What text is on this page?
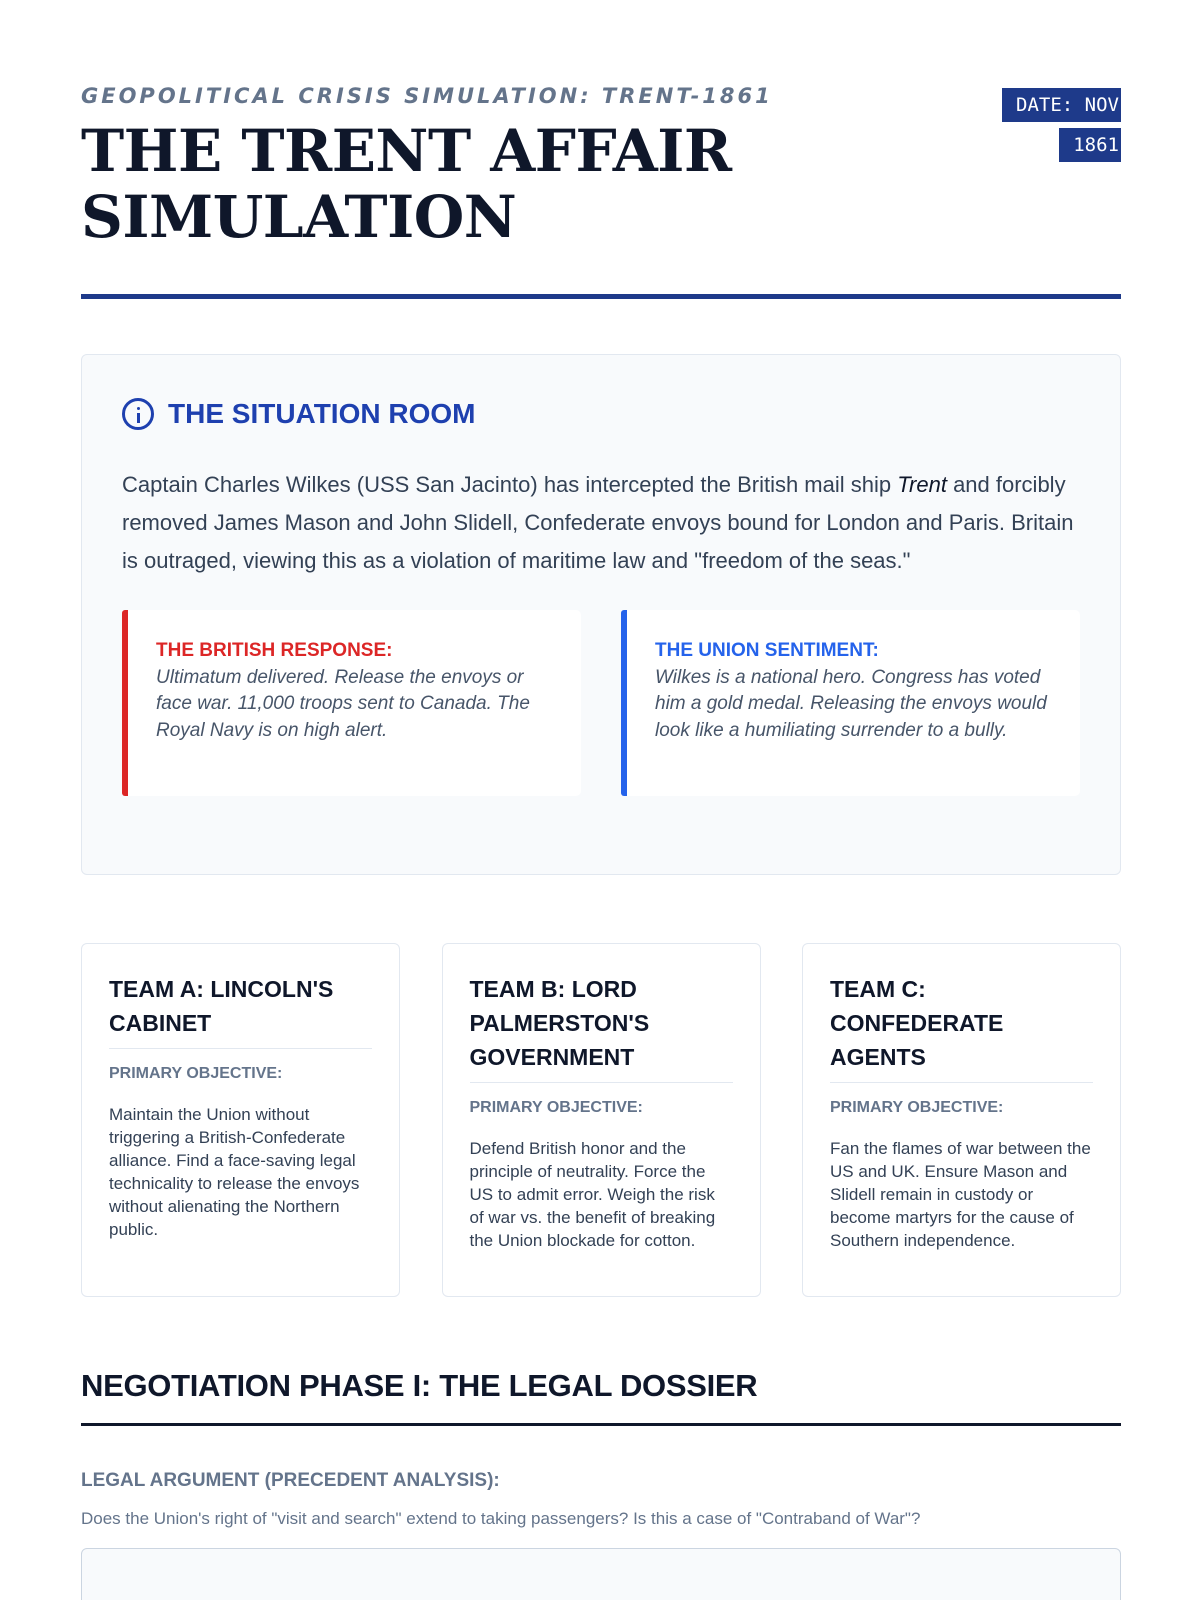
GEOPOLITICAL CRISIS SIMULATION: TRENT-1861
THE TRENT AFFAIR SIMULATION
DATE: NOV
1861
THE SITUATION ROOM

Captain Charles Wilkes (USS San Jacinto) has intercepted the British mail ship Trent and forcibly removed James Mason and John Slidell, Confederate envoys bound for London and Paris. Britain is outraged, viewing this as a violation of maritime law and "freedom of the seas."

THE BRITISH RESPONSE:
Ultimatum delivered. Release the envoys or face war. 11,000 troops sent to Canada. The Royal Navy is on high alert.
THE UNION SENTIMENT:
Wilkes is a national hero. Congress has voted him a gold medal. Releasing the envoys would look like a humiliating surrender to a bully.
TEAM A: LINCOLN'S CABINET
PRIMARY OBJECTIVE:

Maintain the Union without triggering a British-Confederate alliance. Find a face-saving legal technicality to release the envoys without alienating the Northern public.

TEAM B: LORD PALMERSTON'S GOVERNMENT
PRIMARY OBJECTIVE:

Defend British honor and the principle of neutrality. Force the US to admit error. Weigh the risk of war vs. the benefit of breaking the Union blockade for cotton.

TEAM C: CONFEDERATE AGENTS
PRIMARY OBJECTIVE:

Fan the flames of war between the US and UK. Ensure Mason and Slidell remain in custody or become martyrs for the cause of Southern independence.

NEGOTIATION PHASE I: THE LEGAL DOSSIER
LEGAL ARGUMENT (PRECEDENT ANALYSIS):

Does the Union's right of "visit and search" extend to taking passengers? Is this a case of "Contraband of War"?
